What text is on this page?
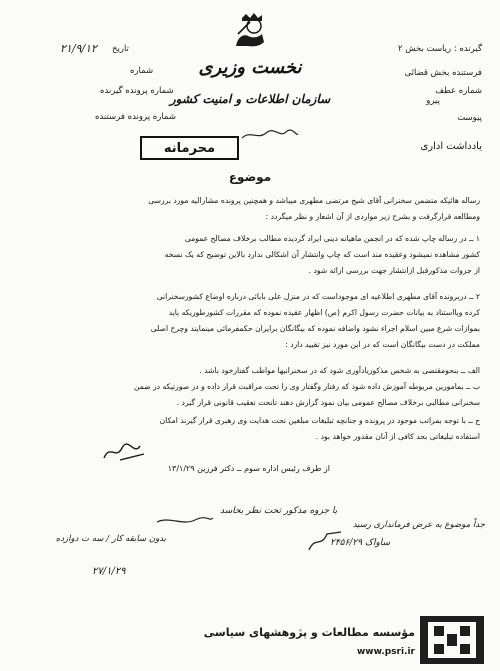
گیرنده : ریاست بخش ۲
فرستنده بخش قضائی
شماره عطف
پیرو
پیوست
یادداشت اداری
تاریخ
۲۱/۹/۱۲
شماره
شماره پرونده گیرنده
شماره پرونده فرستنده
نخست وزیری
سازمان اطلاعات و امنیت کشور
محرمانه
موضوع
رساله هائیکه متضمن سخنرانی آقای شیخ مرتضی مطهری میباشد و همچنین پرونده مشارالیه مورد بررسی
ومطالعه قرارگرفت و بشرح زیر مواردی از آن اشعار و نظر میگردد :
۱ ــ در رساله چاپ شده که در انجمن ماهیانه دینی ایراد گردیده مطالب برخلاف مصالح عمومی
کشور مشاهده نمیشود وعقیده مند است که چاپ وانتشار آن اشکالی ندارد بالاین توضیح که یک نسخه
از جزوات مذکورقبل ازانتشار جهت بررسی ارائه شود .
۲ ــ دربرونده آقای مطهری اطلاعیه ای موجوداست که در منزل علی بابائی درباره اوضاع کشورسخنرانی
کرده وبااستناد به بیانات حضرت رسول اکرم (ص) اظهار عقیده نموده که مقررات کشورطوریکه باید
بموازات شرع مبین اسلام اجراء نشود واضافه نموده که بیگانگان برایران حکمفرمائی مینمایند وچرخ اصلی
مملکت در دست بیگانگان است که در این مورد نیز تقیید دارد :
الف ــ بنحومقتضی به شخص مذکوریادآوری شود که در سخنرانیها مواظب گفتارخود باشد .
ب ــ بمامورین مربوطه آموزش داده شود که رفتار وگفتار وی را تحت مراقبت قرار داده و در صورتیکه در ضمن
سخنرانی مطالبی برخلاف مصالح عمومی بیان نمود گزارش دهند تاتحت تعقیب قانونی قرار گیرد .
ج ــ با توجه بمراتب موجود در پرونده و جنانچه تبلیغات مبلغین تحت هدایت وی رهبری قرار گیرند امکان
استفاده تبلیغاتی بحد کافی از آنان مقدور خواهد بود .
از طرف رئیس اداره سوم ــ دکتر فرزین ۱۳/۱/۲۹
با جزوه مذکور تحت نظر بحاسد
جداً موضوع به عرض فرمانداری رسید
ساواک ۲۴۵۶/۲۹
بدون سابقه کار / سه ت دوازده
۲۷/۱/۲۹
مؤسسه مطالعات و پژوهشهای سیاسی
www.psri.ir
